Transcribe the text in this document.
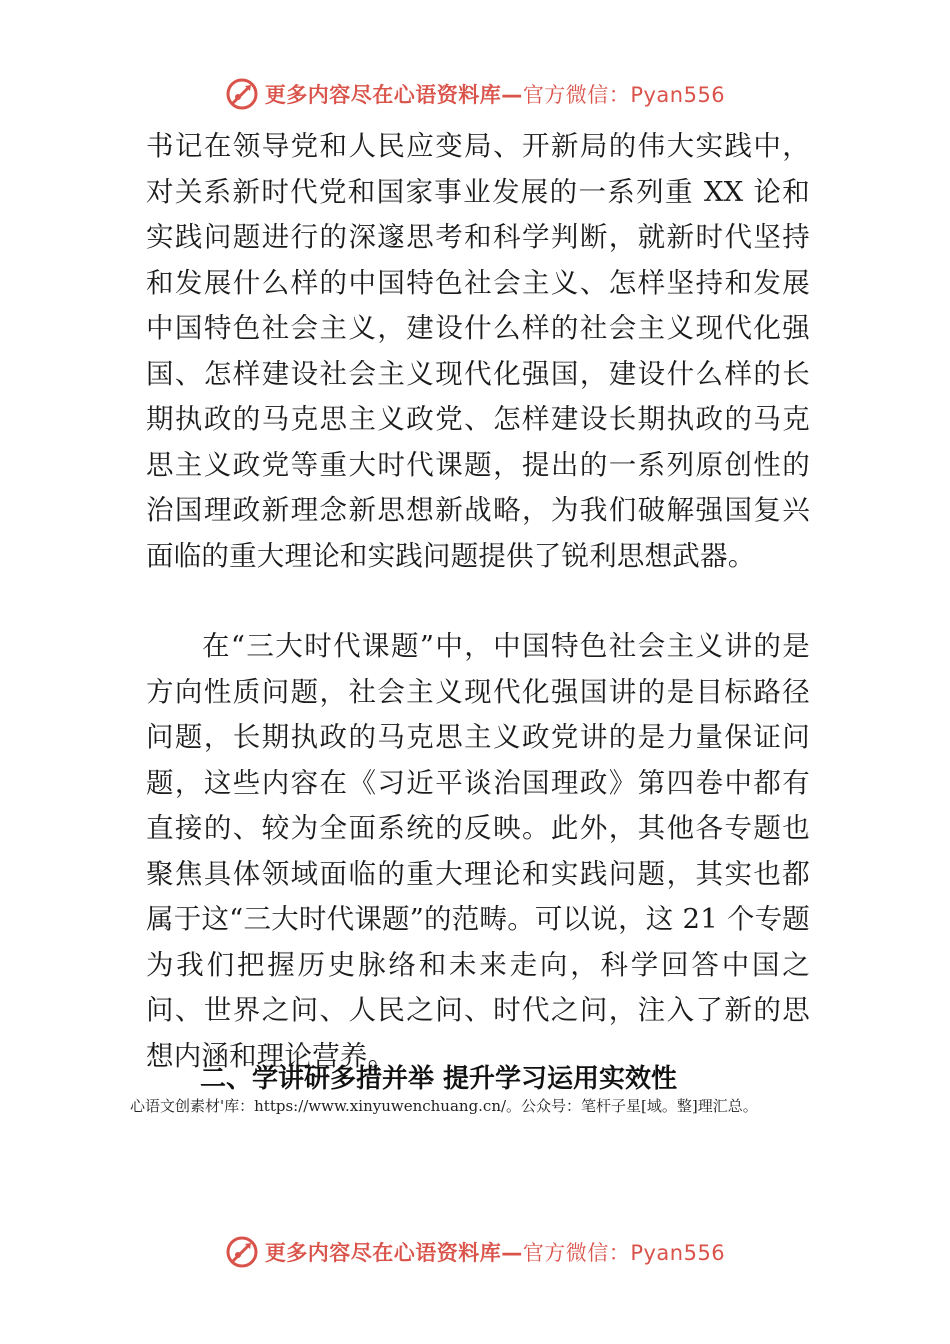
更多内容尽在心语资料库—官方微信：Pyan556

书记在领导党和人民应变局、开新局的伟大实践中，对关系新时代党和国家事业发展的一系列重 XX 论和实践问题进行的深邃思考和科学判断，就新时代坚持和发展什么样的中国特色社会主义、怎样坚持和发展中国特色社会主义，建设什么样的社会主义现代化强国、怎样建设社会主义现代化强国，建设什么样的长期执政的马克思主义政党、怎样建设长期执政的马克思主义政党等重大时代课题，提出的一系列原创性的治国理政新理念新思想新战略，为我们破解强国复兴面临的重大理论和实践问题提供了锐利思想武器。

在“三大时代课题”中，中国特色社会主义讲的是方向性质问题，社会主义现代化强国讲的是目标路径问题，长期执政的马克思主义政党讲的是力量保证问题，这些内容在《习近平谈治国理政》第四卷中都有直接的、较为全面系统的反映。此外，其他各专题也聚焦具体领域面临的重大理论和实践问题，其实也都属于这“三大时代课题”的范畴。可以说，这 21 个专题为我们把握历史脉络和未来走向，科学回答中国之问、世界之问、人民之问、时代之问，注入了新的思想内涵和理论营养。

二、学讲研多措并举 提升学习运用实效性
心语文创素材'库：https://www.xinyuwenchuang.cn/。公众号：笔杆子星[域。整]理汇总。
更多内容尽在心语资料库—官方微信：Pyan556
